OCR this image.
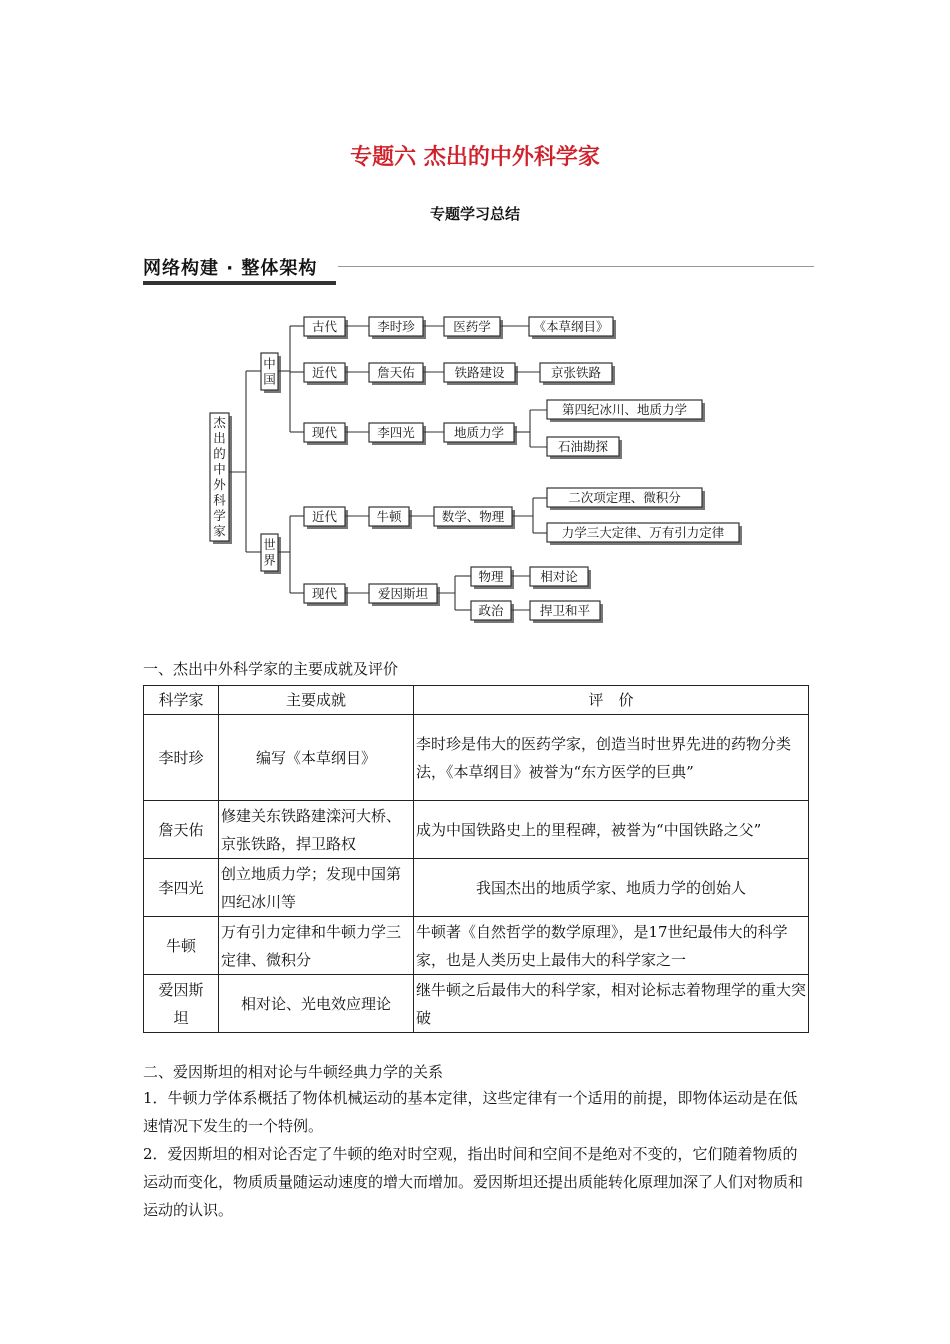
专题六 杰出的中外科学家
专题学习总结
网络构建 · 整体架构
杰
出
的
中
外
科
学
家
中
国
世
界
古代	李时珍
近代	詹天佑
现代	李四光
医药学	《本草纲目》
铁路建设	京张铁路
地质力学
第四纪冰川、地质力学
石油勘探
近代
现代
牛顿	数学、物理
二次项定理、微积分
力学三大定律、万有引力定律
爱因斯坦
物理	相对论
政治	捍卫和平
一、杰出中外科学家的主要成就及评价
科学家	主要成就	评　价
李时珍	编写《本草纲目》	李时珍是伟大的医药学家，创造当时世界先进的药物分类法，《本草纲目》被誉为“东方医学的巨典”
詹天佑	修建关东铁路建滦河大桥、京张铁路，捍卫路权	成为中国铁路史上的里程碑，被誉为“中国铁路之父”
李四光	创立地质力学；发现中国第四纪冰川等	我国杰出的地质学家、地质力学的创始人
牛顿	万有引力定律和牛顿力学三定律、微积分	牛顿著《自然哲学的数学原理》，是17世纪最伟大的科学家，也是人类历史上最伟大的科学家之一
爱因斯坦	相对论、光电效应理论	继牛顿之后最伟大的科学家，相对论标志着物理学的重大突破
二、爱因斯坦的相对论与牛顿经典力学的关系
1．牛顿力学体系概括了物体机械运动的基本定律，这些定律有一个适用的前提，即物体运动是在低速情况下发生的一个特例。
2．爱因斯坦的相对论否定了牛顿的绝对时空观，指出时间和空间不是绝对不变的，它们随着物质的运动而变化，物质质量随运动速度的增大而增加。爱因斯坦还提出质能转化原理加深了人们对物质和运动的认识。
